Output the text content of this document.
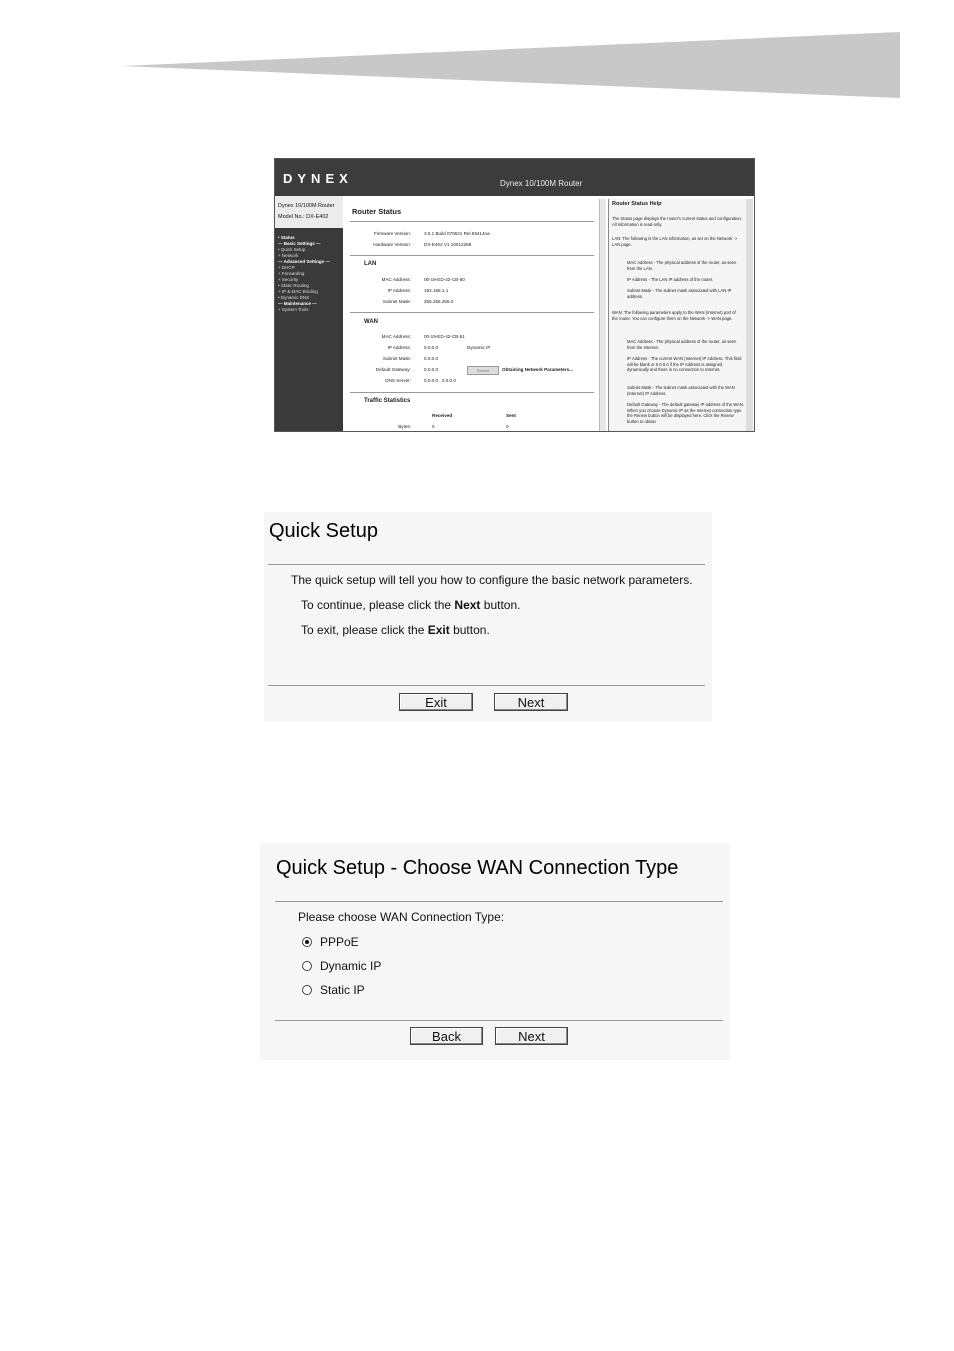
DYNEX	Dynex 10/100M Router
Dynex 10/100M Router
Model No.: DX-E402
• Status
— Basic Settings —
• Quick Setup
+ Network
— Advanced Settings —
+ DHCP
+ Forwarding
+ Security
• Static Routing
+ IP & MAC Binding
• Dynamic DNS
— Maintenance —
+ System Tools
Router Status
Firmware Version:	3.5.1 Build 070621 Rel.59414na
Hardware Version:	DX-E402 V1 10012288
LAN
MAC Address:	00-19-ED-42-CB-50
IP Address:	192.168.1.1
Subnet Mask:	255.255.255.0
WAN
MAC Address:	00-19-ED-42-CB-51
IP Address:	0.0.0.0	Dynamic IP
Subnet Mask:	0.0.0.0
Default Gateway:	0.0.0.0	Renew	Obtaining Network Parameters...
DNS Server:	0.0.0.0 , 0.0.0.0
Traffic Statistics
Received	Sent
Bytes:	0	0
Router Status Help
The Status page displays the router's current status and configuration. All information is read-only.
LAN: The following is the LAN information, as set on the Network -> LAN page.
MAC Address - The physical address of the router, as seen from the LAN.
IP Address - The LAN IP address of the router.
Subnet Mask - The subnet mask associated with LAN IP address.
WAN: The following parameters apply to the WAN (Internet) port of the router. You can configure them on the Network -> WAN page.
MAC Address - The physical address of the router, as seen from the Internet.
IP Address - The current WAN (Internet) IP Address. This field will be blank or 0.0.0.0 if the IP Address is assigned dynamically and there is no connection to Internet.
Subnet Mask - The subnet mask associated with the WAN (Internet) IP Address.
Default Gateway - The default gateway IP address of the WAN. When you choose Dynamic IP as the Internet connection type the Renew button will be displayed here. Click the Renew button to obtain
Quick Setup
The quick setup will tell you how to configure the basic network parameters.
To continue, please click the Next button.
To exit, please click the Exit button.
Exit	Next
Quick Setup - Choose WAN Connection Type
Please choose WAN Connection Type:
PPPoE
Dynamic IP
Static IP
Back	Next
